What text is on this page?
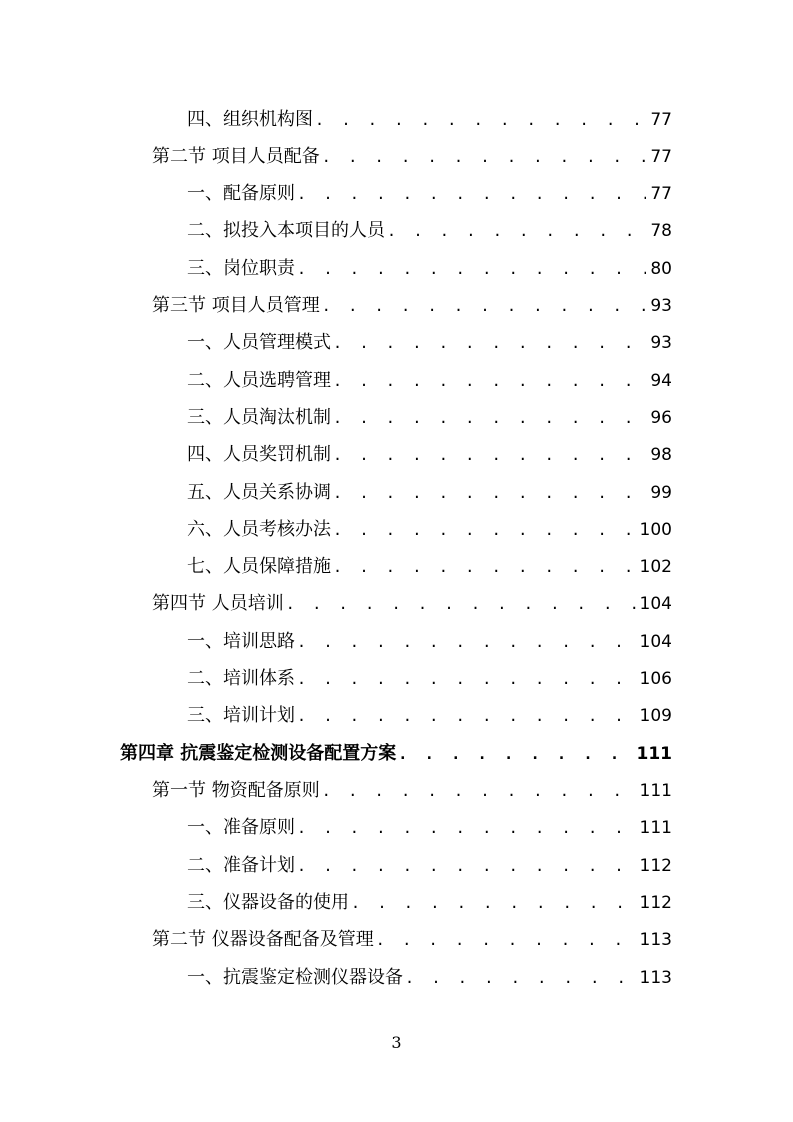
四、组织机构图 . . .	77
第二节 项目人员配备 . . .	77
一、配备原则 . . .	77
二、拟投入本项目的人员 . . .	78
三、岗位职责 . . .	80
第三节 项目人员管理 . . .	93
一、人员管理模式 . . .	93
二、人员选聘管理 . . .	94
三、人员淘汰机制 . . .	96
四、人员奖罚机制 . . .	98
五、人员关系协调 . . .	99
六、人员考核办法 . . .	100
七、人员保障措施 . . .	102
第四节 人员培训 . . .	104
一、培训思路 . . .	104
二、培训体系 . . .	106
三、培训计划 . . .	109
第四章 抗震鉴定检测设备配置方案 . . .	111
第一节 物资配备原则 . . .	111
一、准备原则 . . .	111
二、准备计划 . . .	112
三、仪器设备的使用 . . .	112
第二节 仪器设备配备及管理 . . .	113
一、抗震鉴定检测仪器设备 . . .	113
3
